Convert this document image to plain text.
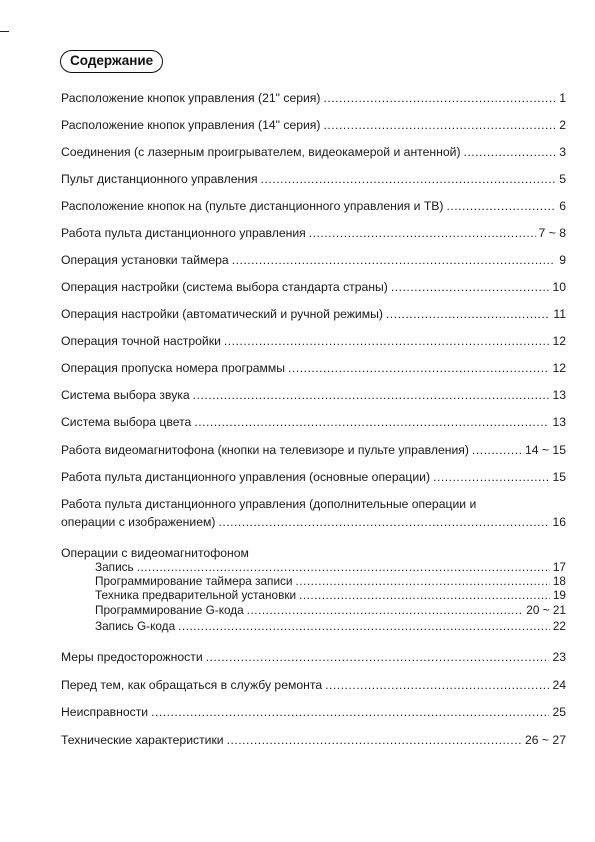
Содержание
Расположение кнопок управления (21" серия) .....	1
Расположение кнопок управления (14" серия) .....	2
Соединения (с лазерным проигрывателем, видеокамерой и антенной) .....	3
Пульт дистанционного управления .....	5
Расположение кнопок на (пульте дистанционного управления и ТВ) .....	6
Работа пульта дистанционного управления .....	7 ~ 8
Операция установки таймера .....	9
Операция настройки (система выбора стандарта страны) .....	10
Операция настройки (автоматический и ручной режимы) .....	11
Операция точной настройки .....	12
Операция пропуска номера программы .....	12
Система выбора звука .....	13
Система выбора цвета .....	13
Работа видеомагнитофона (кнопки на телевизоре и пульте управления) .....	14 ~ 15
Работа пульта дистанционного управления (основные операции) .....	15
Работа пульта дистанционного управления (дополнительные операции и
операции с изображением) .....	16
Операции с видеомагнитофоном
Запись .....	17
Программирование таймера записи .....	18
Техника предварительной установки .....	19
Программирование G-кода .....	20 ~ 21
Запись G-кода .....	22
Меры предосторожности .....	23
Перед тем, как обращаться в службу ремонта .....	24
Неисправности .....	25
Технические характеристики .....	26 ~ 27
